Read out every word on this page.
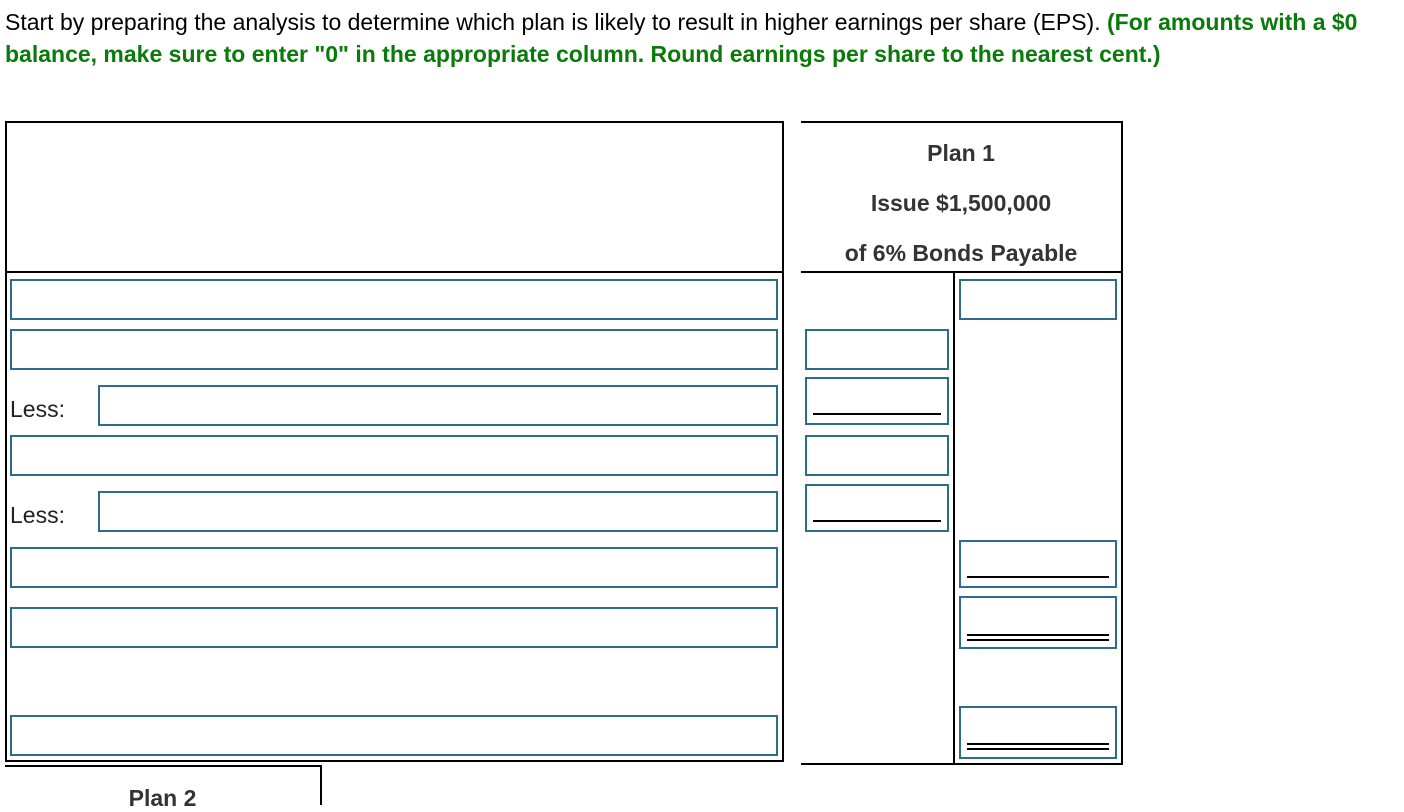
Start by preparing the analysis to determine which plan is likely to result in higher earnings per share (EPS). (For amounts with a $0 balance, make sure to enter "0" in the appropriate column. Round earnings per share to the nearest cent.)
Less:
Less:
Plan 1
Issue $1,500,000
of 6% Bonds Payable
Plan 2
